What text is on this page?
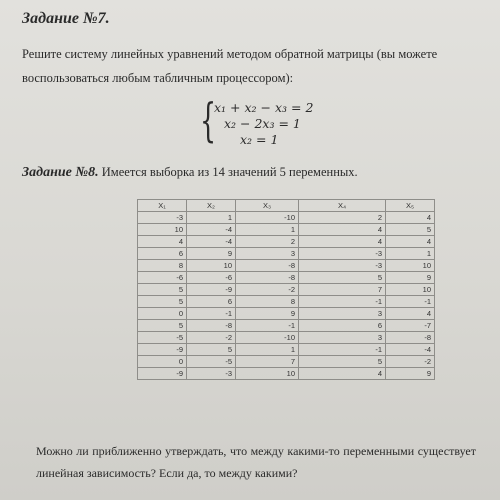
Задание №7.
Решите систему линейных уравнений методом обратной матрицы (вы можете воспользоваться любым табличным процессором):
{
x₁ + x₂ − x₃ = 2
x₂ − 2x₃ = 1
x₂ = 1
Задание №8. Имеется выборка из 14 значений 5 переменных.
X₁	X₂	X₃	X₄	X₅
-3	1	-10	2	4
10	-4	1	4	5
4	-4	2	4	4
6	9	3	-3	1
8	10	-8	-3	10
-6	-6	-8	5	9
5	-9	-2	7	10
5	6	8	-1	-1
0	-1	9	3	4
5	-8	-1	6	-7
-5	-2	-10	3	-8
-9	5	1	-1	-4
0	-5	7	5	-2
-9	-3	10	4	9
Можно ли приближенно утверждать, что между какими-то переменными существует линейная зависимость? Если да, то между какими?
